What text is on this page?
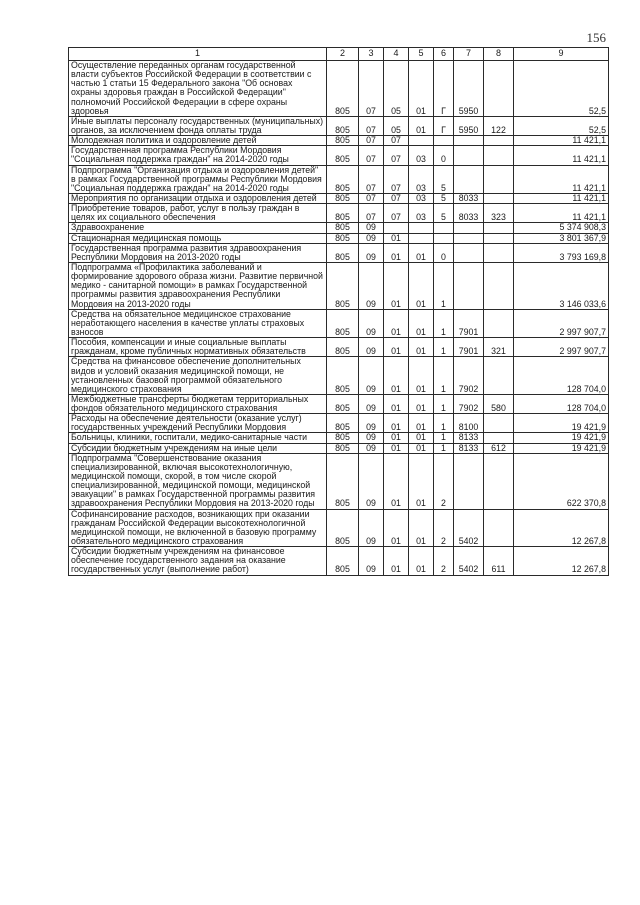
156
1	2	3	4	5	6	7	8	9
Осуществление переданных органам государственной власти субъектов Российской Федерации в соответствии с частью 1 статьи 15 Федерального закона "Об основах охраны здоровья граждан в Российской Федерации" полномочий Российской Федерации в сфере охраны здоровья	805	07	05	01	Г	5950		52,5
Иные выплаты персоналу государственных (муниципальных) органов, за исключением фонда оплаты труда	805	07	05	01	Г	5950	122	52,5
Молодежная политика и оздоровление детей	805	07	07					11 421,1
Государственная программа Республики Мордовия "Социальная поддержка граждан" на 2014-2020 годы	805	07	07	03	0			11 421,1
Подпрограмма "Организация отдыха и оздоровления детей" в рамках Государственной программы Республики Мордовия "Социальная поддержка граждан" на 2014-2020 годы	805	07	07	03	5			11 421,1
Мероприятия по организации отдыха и оздоровления детей	805	07	07	03	5	8033		11 421,1
Приобретение товаров, работ, услуг в пользу граждан в целях их социального обеспечения	805	07	07	03	5	8033	323	11 421,1
Здравоохранение	805	09						5 374 908,3
Стационарная медицинская помощь	805	09	01					3 801 367,9
Государственная программа развития здравоохранения Республики Мордовия на 2013-2020 годы	805	09	01	01	0			3 793 169,8
Подпрограмма «Профилактика заболеваний и формирование здорового образа жизни. Развитие первичной медико - санитарной помощи» в рамках Государственной программы развития здравоохранения Республики Мордовия на 2013-2020 годы	805	09	01	01	1			3 146 033,6
Средства на обязательное медицинское страхование неработающего населения в качестве уплаты страховых взносов	805	09	01	01	1	7901		2 997 907,7
Пособия, компенсации и иные социальные выплаты гражданам, кроме публичных нормативных обязательств	805	09	01	01	1	7901	321	2 997 907,7
Средства на финансовое обеспечение дополнительных видов и условий оказания медицинской помощи, не установленных базовой программой обязательного медицинского страхования	805	09	01	01	1	7902		128 704,0
Межбюджетные трансферты бюджетам территориальных фондов обязательного медицинского страхования	805	09	01	01	1	7902	580	128 704,0
Расходы на обеспечение деятельности (оказание услуг) государственных учреждений Республики Мордовия	805	09	01	01	1	8100		19 421,9
Больницы, клиники, госпитали, медико-санитарные части	805	09	01	01	1	8133		19 421,9
Субсидии бюджетным учреждениям на иные цели	805	09	01	01	1	8133	612	19 421,9
Подпрограмма "Совершенствование оказания специализированной, включая высокотехнологичную, медицинской помощи, скорой, в том числе скорой специализированной, медицинской помощи, медицинской эвакуации" в рамках Государственной программы развития здравоохранения Республики Мордовия на 2013-2020 годы	805	09	01	01	2			622 370,8
Софинансирование расходов, возникающих при оказании гражданам Российской Федерации высокотехнологичной медицинской помощи, не включенной в базовую программу обязательного медицинского страхования	805	09	01	01	2	5402		12 267,8
Субсидии бюджетным учреждениям на финансовое обеспечение государственного задания на оказание государственных услуг (выполнение работ)	805	09	01	01	2	5402	611	12 267,8
